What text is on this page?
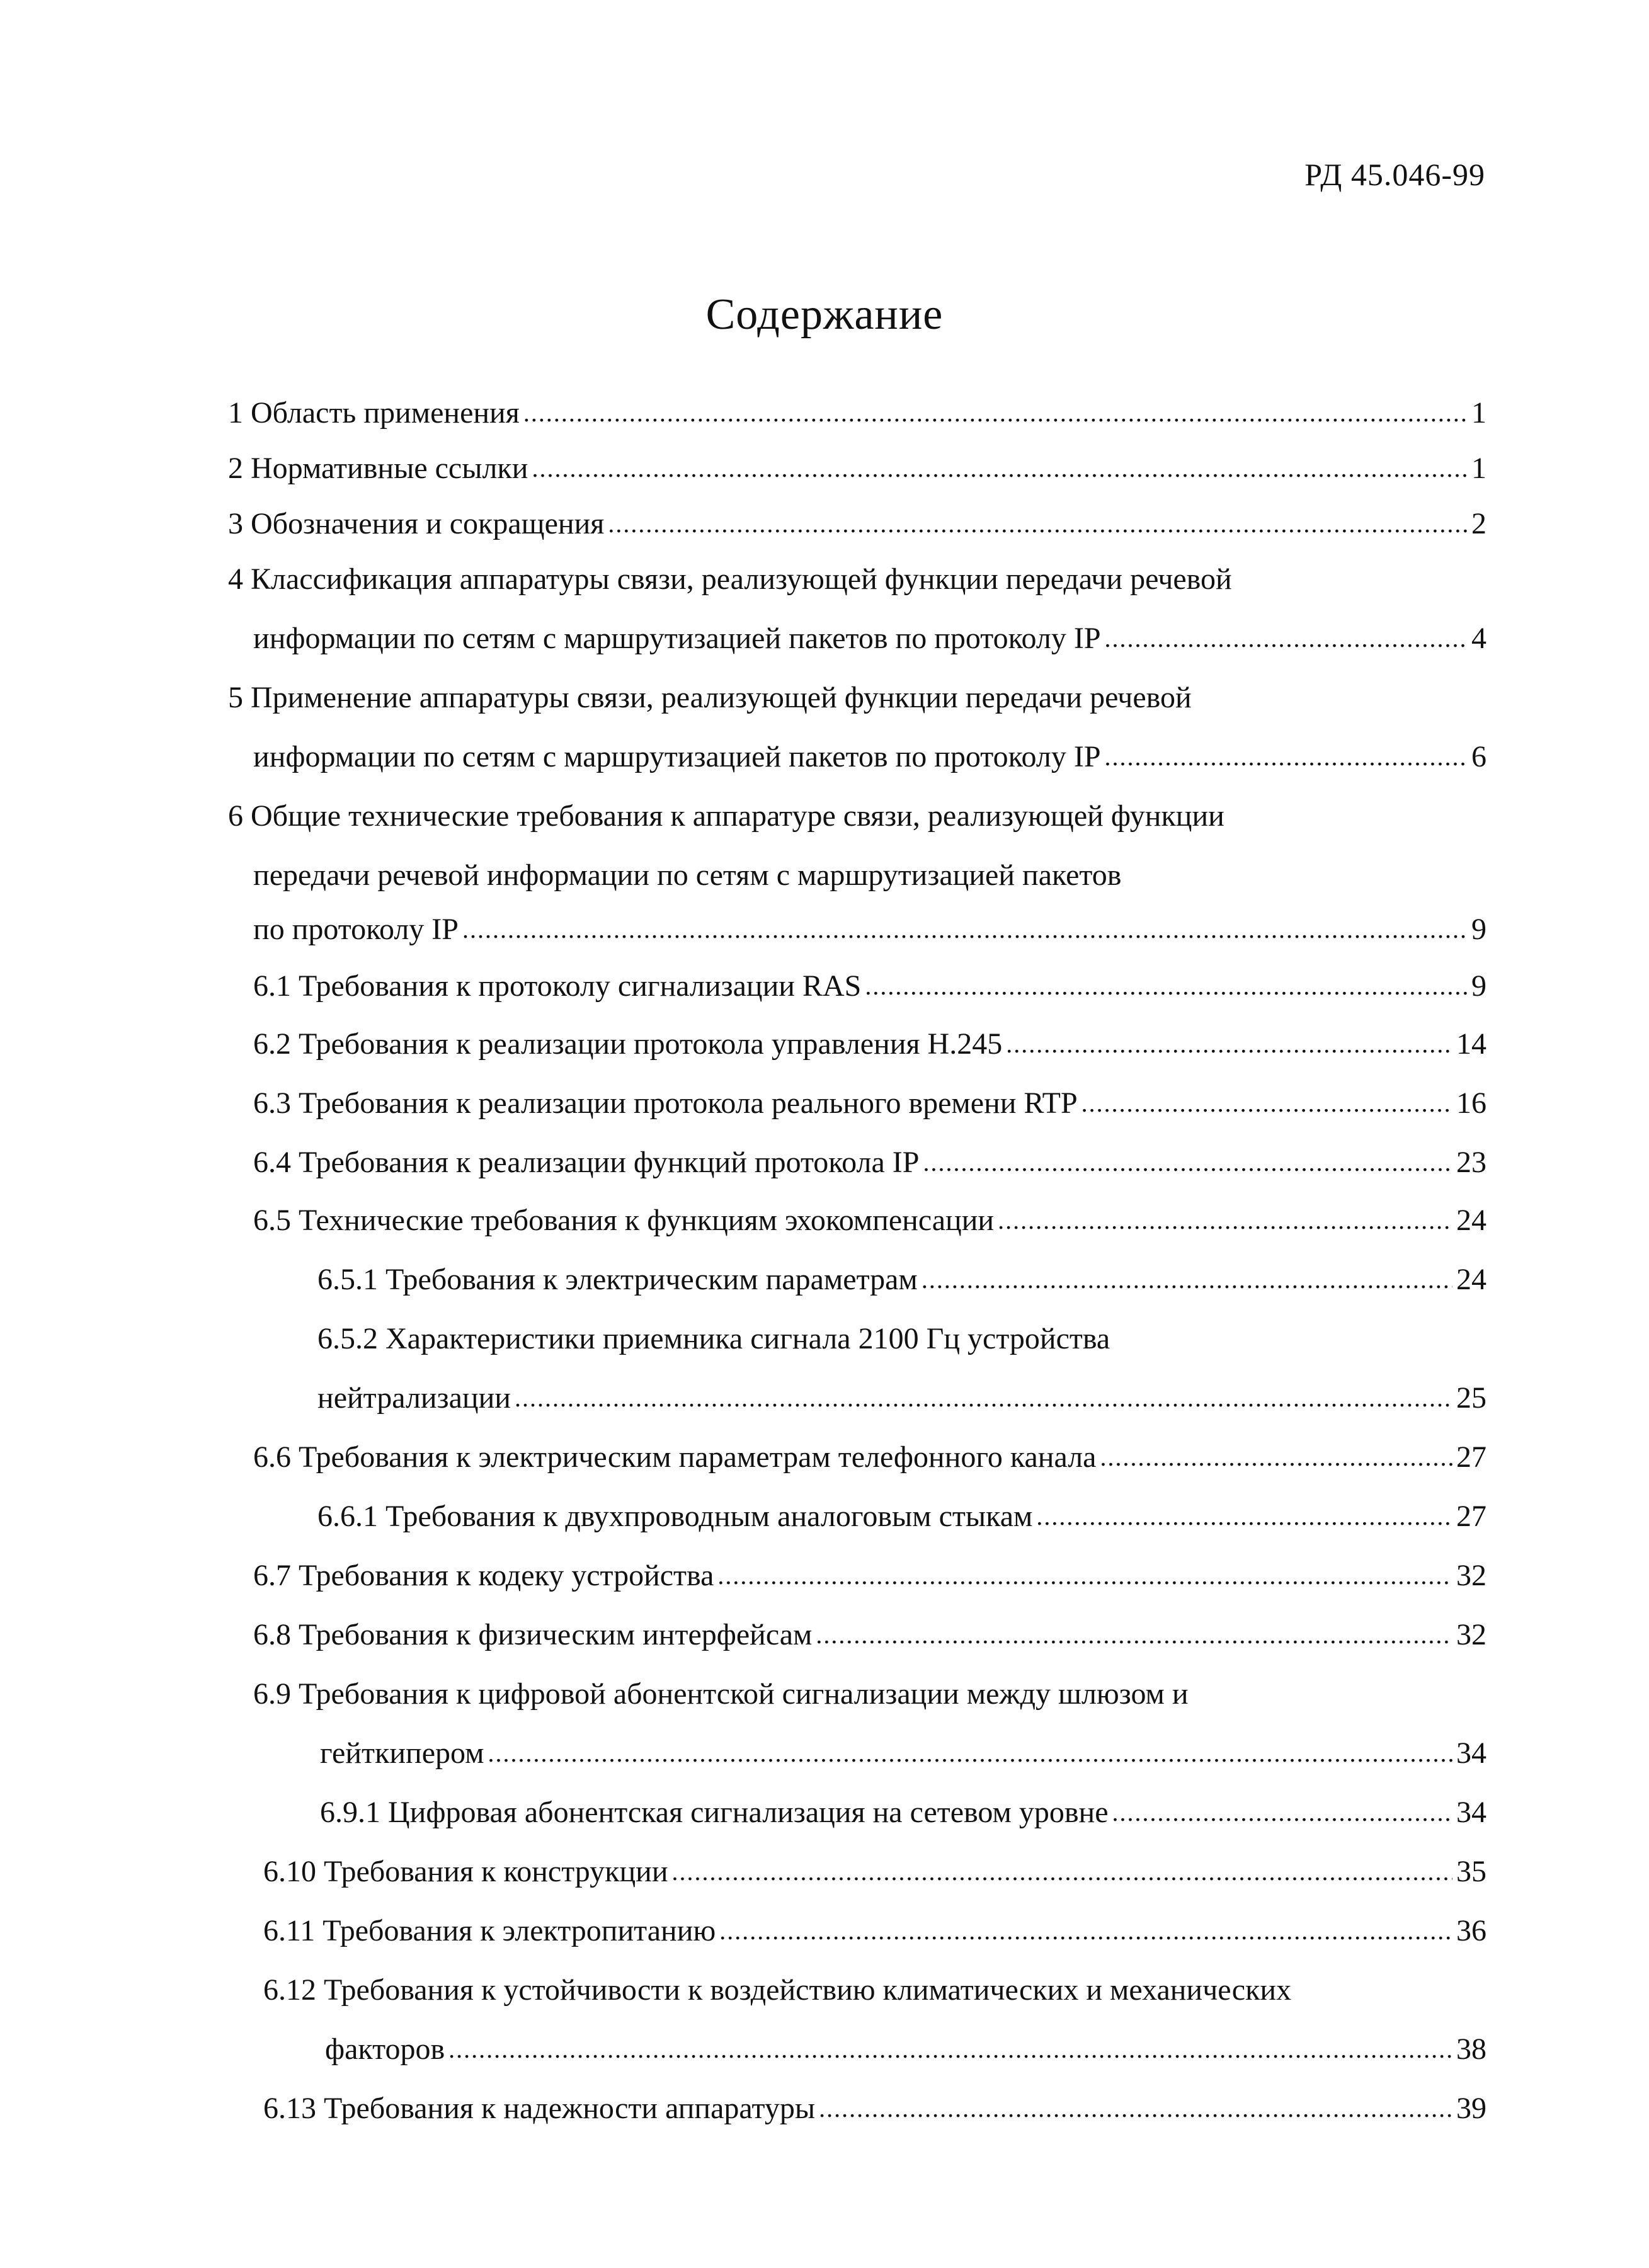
РД 45.046-99
Содержание
1 Область применения .....	1
2 Нормативные ссылки .....	1
3 Обозначения и сокращения .....	2
4 Классификация аппаратуры связи, реализующей функции передачи речевой
информации по сетям с маршрутизацией пакетов по протоколу IP .....	4
5 Применение аппаратуры связи, реализующей функции передачи речевой
информации по сетям с маршрутизацией пакетов по протоколу IP .....	6
6 Общие технические требования к аппаратуре связи, реализующей функции
передачи речевой информации по сетям с маршрутизацией пакетов
по протоколу IP .....	9
6.1 Требования к протоколу сигнализации RAS .....	9
6.2 Требования к реализации протокола управления Н.245 .....	14
6.3 Требования к реализации протокола реального времени RTP .....	16
6.4 Требования к реализации функций протокола IP .....	23
6.5 Технические требования к функциям эхокомпенсации .....	24
6.5.1 Требования к электрическим параметрам .....	24
6.5.2 Характеристики приемника сигнала 2100 Гц устройства
нейтрализации .....	25
6.6 Требования к электрическим параметрам телефонного канала .....	27
6.6.1 Требования к двухпроводным аналоговым стыкам .....	27
6.7 Требования к кодеку устройства .....	32
6.8 Требования к физическим интерфейсам .....	32
6.9 Требования к цифровой абонентской сигнализации между шлюзом и
гейткипером .....	34
6.9.1 Цифровая абонентская сигнализация на сетевом уровне .....	34
6.10 Требования к конструкции .....	35
6.11 Требования к электропитанию .....	36
6.12 Требования к устойчивости к воздействию климатических и механических
факторов .....	38
6.13 Требования к надежности аппаратуры .....	39
